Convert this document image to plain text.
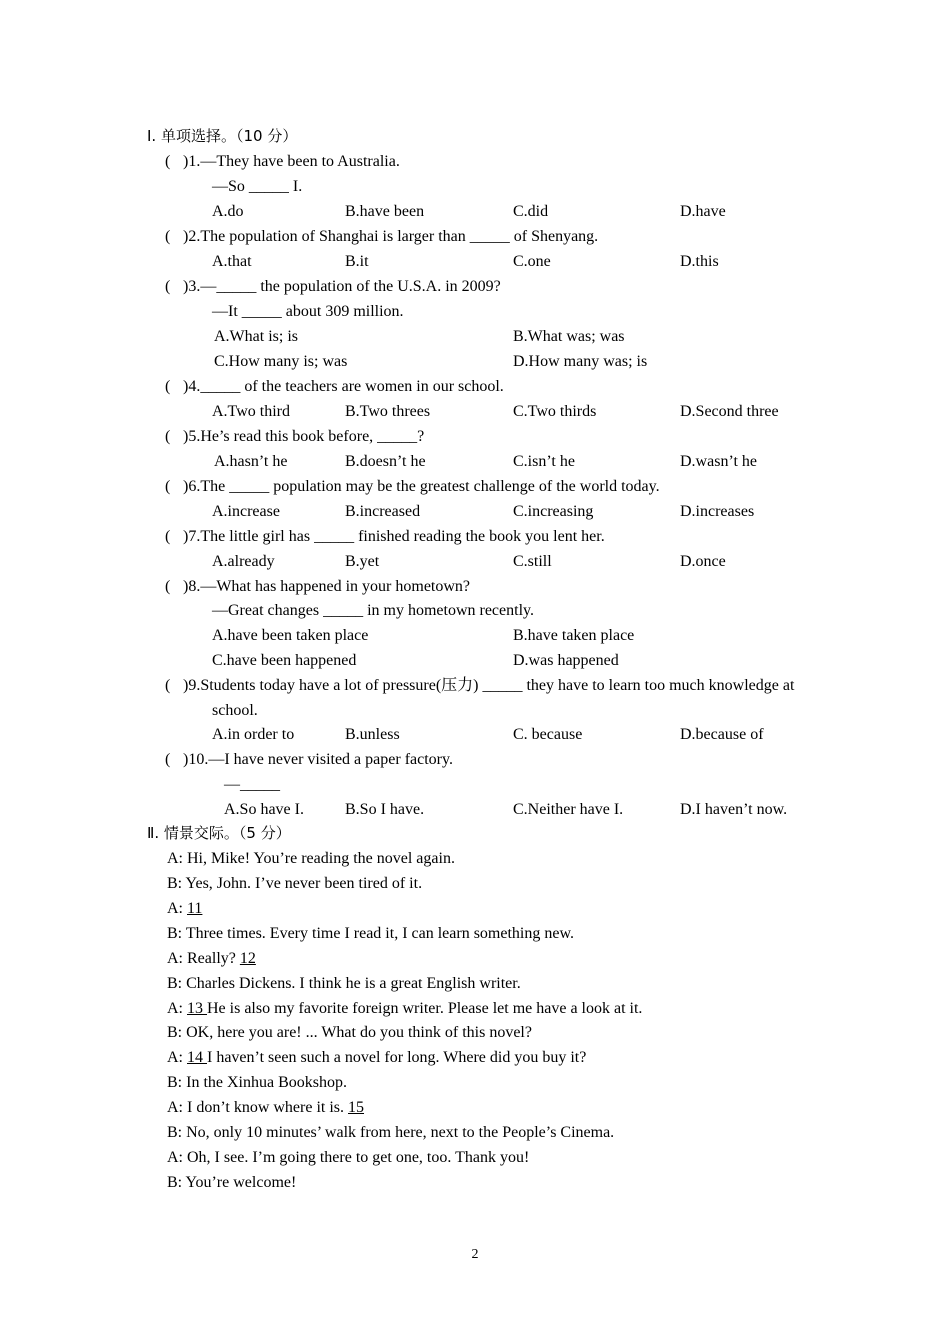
Ⅰ. 单项选择。（10 分）
( )1.—They have been to Australia.
—So _____ I.
A.do	B.have been	C.did	D.have
( )2.The population of Shanghai is larger than _____ of Shenyang.
A.that	B.it	C.one	D.this
( )3.—_____ the population of the U.S.A. in 2009?
—It _____ about 309 million.
A.What is; is	B.What was; was
C.How many is; was	D.How many was; is
( )4._____ of the teachers are women in our school.
A.Two third	B.Two threes	C.Two thirds	D.Second three
( )5.He’s read this book before, _____?
A.hasn’t he	B.doesn’t he	C.isn’t he	D.wasn’t he
( )6.The _____ population may be the greatest challenge of the world today.
A.increase	B.increased	C.increasing	D.increases
( )7.The little girl has _____ finished reading the book you lent her.
A.already	B.yet	C.still	D.once
( )8.—What has happened in your hometown?
—Great changes _____ in my hometown recently.
A.have been taken place	B.have taken place
C.have been happened	D.was happened
( )9.Students today have a lot of pressure(压力) _____ they have to learn too much knowledge at
school.
A.in order to	B.unless	C. because	D.because of
( )10.—I have never visited a paper factory.
—_____
A.So have I.	B.So I have.	C.Neither have I.	D.I haven’t now.
Ⅱ. 情景交际。（5 分）
A: Hi, Mike! You’re reading the novel again.
B: Yes, John. I’ve never been tired of it.
A: 11
B: Three times. Every time I read it, I can learn something new.
A: Really? 12
B: Charles Dickens. I think he is a great English writer.
A: 13 He is also my favorite foreign writer. Please let me have a look at it.
B: OK, here you are! ... What do you think of this novel?
A: 14 I haven’t seen such a novel for long. Where did you buy it?
B: In the Xinhua Bookshop.
A: I don’t know where it is. 15
B: No, only 10 minutes’ walk from here, next to the People’s Cinema.
A: Oh, I see. I’m going there to get one, too. Thank you!
B: You’re welcome!
2
